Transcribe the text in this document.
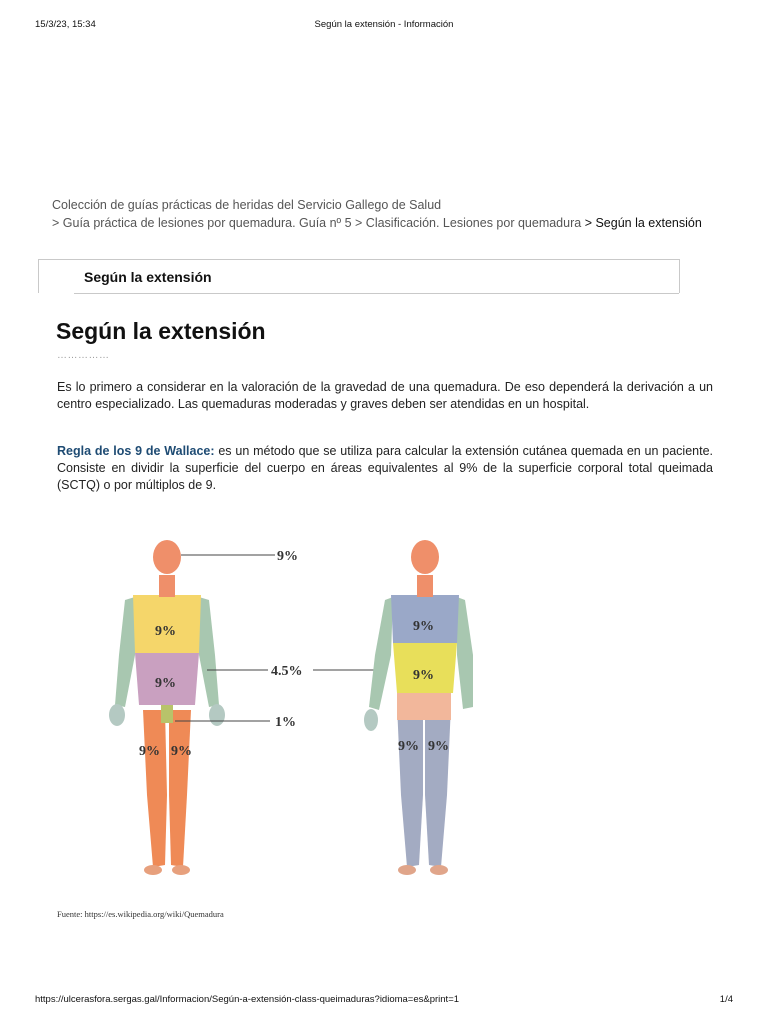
15/3/23, 15:34	Según la extensión - Información
Colección de guías prácticas de heridas del Servicio Gallego de Salud
> Guía práctica de lesiones por quemadura. Guía nº 5 > Clasificación. Lesiones por quemadura > Según la extensión
Según la extensión
Según la extensión
……………

Es lo primero a considerar en la valoración de la gravedad de una quemadura. De eso dependerá la derivación a un centro especializado. Las quemaduras moderadas y graves deben ser atendidas en un hospital.

Regla de los 9 de Wallace: es un método que se utiliza para calcular la extensión cutánea quemada en un paciente. Consiste en dividir la superficie del cuerpo en áreas equivalentes al 9% de la superficie corporal total queimada (SCTQ) o por múltiplos de 9.

9%
9%
9% 9%
9%
4.5%
1%
9%
9%
9% 9%
Fuente: https://es.wikipedia.org/wiki/Quemadura
https://ulcerasfora.sergas.gal/Informacion/Según-a-extensión-class-queimaduras?idioma=es&print=1	1/4
